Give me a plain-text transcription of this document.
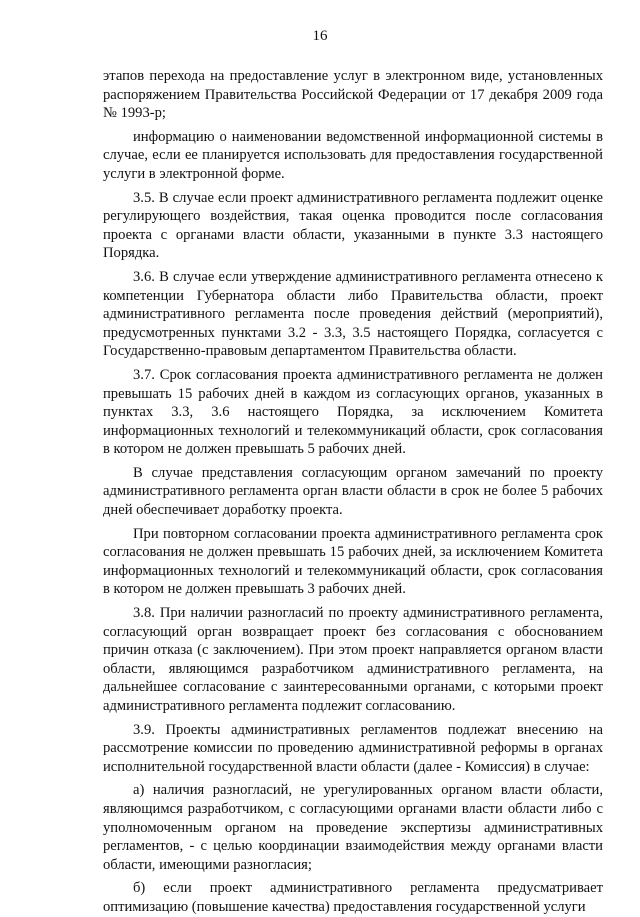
16

этапов перехода на предоставление услуг в электронном виде, установленных распоряжением Правительства Российской Федерации от 17 декабря 2009 года № 1993-р;

информацию о наименовании ведомственной информационной системы в случае, если ее планируется использовать для предоставления государственной услуги в электронной форме.

3.5. В случае если проект административного регламента подлежит оценке регулирующего воздействия, такая оценка проводится после согласования проекта с органами власти области, указанными в пункте 3.3 настоящего Порядка.

3.6. В случае если утверждение административного регламента отнесено к компетенции Губернатора области либо Правительства области, проект административного регламента после проведения действий (мероприятий), предусмотренных пунктами 3.2 - 3.3, 3.5 настоящего Порядка, согласуется с Государственно-правовым департаментом Правительства области.

3.7. Срок согласования проекта административного регламента не должен превышать 15 рабочих дней в каждом из согласующих органов, указанных в пунктах 3.3, 3.6 настоящего Порядка, за исключением Комитета информационных технологий и телекоммуникаций области, срок согласования в котором не должен превышать 5 рабочих дней.

В случае представления согласующим органом замечаний по проекту административного регламента орган власти области в срок не более 5 рабочих дней обеспечивает доработку проекта.

При повторном согласовании проекта административного регламента срок согласования не должен превышать 15 рабочих дней, за исключением Комитета информационных технологий и телекоммуникаций области, срок согласования в котором не должен превышать 3 рабочих дней.

3.8. При наличии разногласий по проекту административного регламента, согласующий орган возвращает проект без согласования с обоснованием причин отказа (с заключением). При этом проект направляется органом власти области, являющимся разработчиком административного регламента, на дальнейшее согласование с заинтересованными органами, с которыми проект административного регламента подлежит согласованию.

3.9. Проекты административных регламентов подлежат внесению на рассмотрение комиссии по проведению административной реформы в органах исполнительной государственной власти области (далее - Комиссия) в случае:

а) наличия разногласий, не урегулированных органом власти области, являющимся разработчиком, с согласующими органами власти области либо с уполномоченным органом на проведение экспертизы административных регламентов, - с целью координации взаимодействия между органами власти области, имеющими разногласия;

б) если проект административного регламента предусматривает оптимизацию (повышение качества) предоставления государственной услуги
